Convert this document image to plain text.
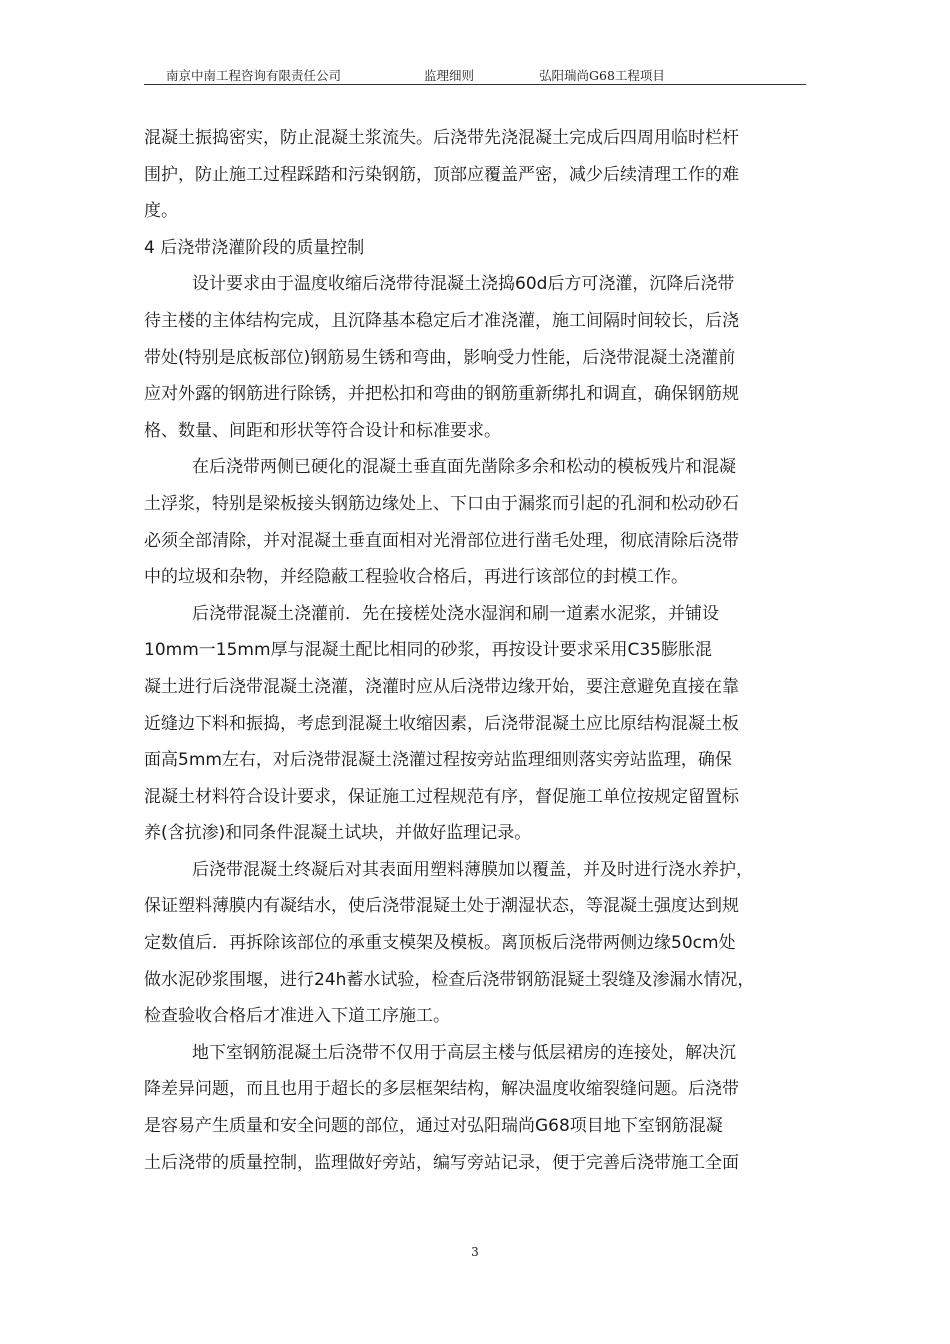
南京中南工程咨询有限责任公司	监理细则	弘阳瑞尚G68工程项目
混凝土振捣密实，防止混凝土浆流失。后浇带先浇混凝土完成后四周用临时栏杆
围护，防止施工过程踩踏和污染钢筋，顶部应覆盖严密，减少后续清理工作的难
度。
4 后浇带浇灌阶段的质量控制
设计要求由于温度收缩后浇带待混凝土浇捣60d后方可浇灌，沉降后浇带
待主楼的主体结构完成，且沉降基本稳定后才准浇灌，施工间隔时间较长，后浇
带处(特别是底板部位)钢筋易生锈和弯曲，影响受力性能，后浇带混凝土浇灌前
应对外露的钢筋进行除锈，并把松扣和弯曲的钢筋重新绑扎和调直，确保钢筋规
格、数量、间距和形状等符合设计和标准要求。
在后浇带两侧已硬化的混凝土垂直面先凿除多余和松动的模板残片和混凝
土浮浆，特别是梁板接头钢筋边缘处上、下口由于漏浆而引起的孔洞和松动砂石
必须全部清除，并对混凝土垂直面相对光滑部位进行凿毛处理，彻底清除后浇带
中的垃圾和杂物，并经隐蔽工程验收合格后，再进行该部位的封模工作。
后浇带混凝土浇灌前．先在接槎处浇水湿润和刷一道素水泥浆，并铺设
10mm一15mm厚与混凝土配比相同的砂浆，再按设计要求采用C35膨胀混
凝土进行后浇带混凝土浇灌，浇灌时应从后浇带边缘开始，要注意避免直接在靠
近缝边下料和振捣，考虑到混凝土收缩因素，后浇带混凝土应比原结构混凝土板
面高5mm左右，对后浇带混凝土浇灌过程按旁站监理细则落实旁站监理，确保
混凝土材料符合设计要求，保证施工过程规范有序，督促施工单位按规定留置标
养(含抗渗)和同条件混凝土试块，并做好监理记录。
后浇带混凝土终凝后对其表面用塑料薄膜加以覆盖，并及时进行浇水养护，
保证塑料薄膜内有凝结水，使后浇带混疑土处于潮湿状态，等混凝土强度达到规
定数值后．再拆除该部位的承重支模架及模板。离顶板后浇带两侧边缘50cm处
做水泥砂浆围堰，进行24h蓄水试验，检查后浇带钢筋混疑土裂缝及渗漏水情况，
检查验收合格后才准进入下道工序施工。
地下室钢筋混凝土后浇带不仅用于高层主楼与低层裙房的连接处，解决沉
降差异问题，而且也用于超长的多层框架结构，解决温度收缩裂缝问题。后浇带
是容易产生质量和安全问题的部位，通过对弘阳瑞尚G68项目地下室钢筋混凝
土后浇带的质量控制，监理做好旁站，编写旁站记录，便于完善后浇带施工全面
3
